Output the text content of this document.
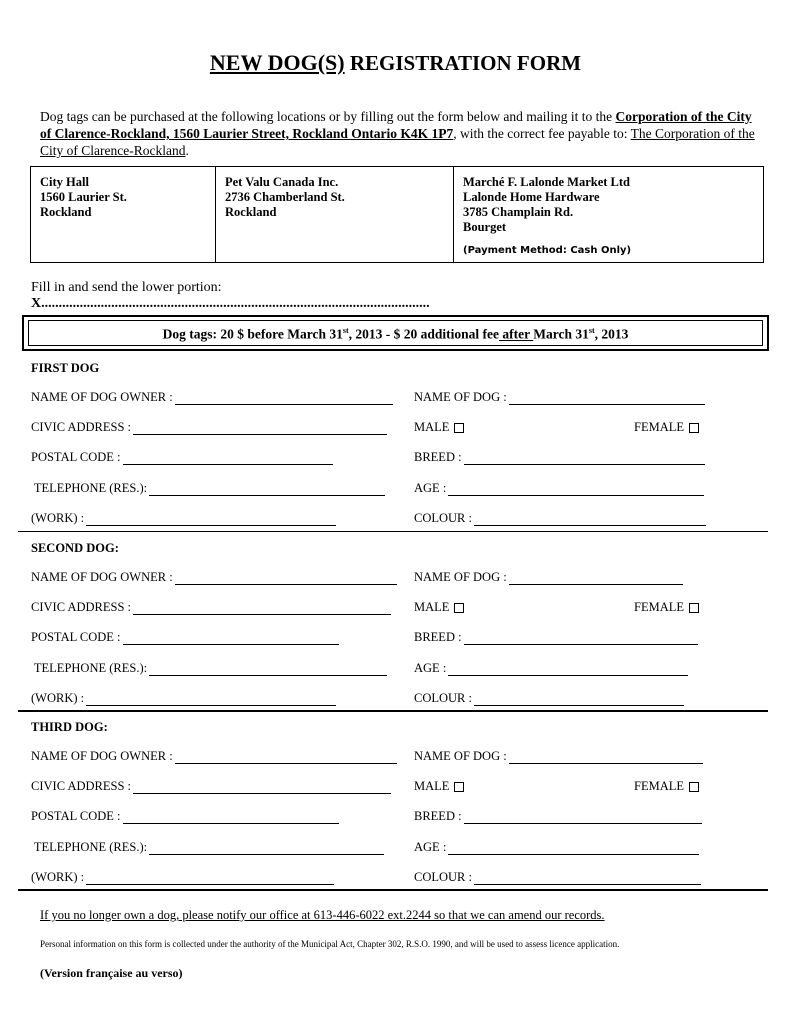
NEW DOG(S) REGISTRATION FORM
Dog tags can be purchased at the following locations or by filling out the form below and mailing it to the Corporation of the City of Clarence-Rockland, 1560 Laurier Street, Rockland Ontario K4K 1P7, with the correct fee payable to: The Corporation of the City of Clarence-Rockland.
City Hall
1560 Laurier St.
Rockland
Pet Valu Canada Inc.
2736 Chamberland St.
Rockland
Marché F. Lalonde Market Ltd
Lalonde Home Hardware
3785 Champlain Rd.
Bourget
(Payment Method: Cash Only)
Fill in and send the lower portion:
X...............................................................................................................
Dog tags: 20 $ before March 31st, 2013 - $ 20 additional fee after March 31st, 2013
FIRST DOG
NAME OF DOG OWNER :	NAME OF DOG :
CIVIC ADDRESS :	MALE	FEMALE
POSTAL CODE :	BREED :
TELEPHONE (RES.):	AGE :
(WORK) :	COLOUR :
SECOND DOG:
NAME OF DOG OWNER :	NAME OF DOG :
CIVIC ADDRESS :	MALE	FEMALE
POSTAL CODE :	BREED :
TELEPHONE (RES.):	AGE :
(WORK) :	COLOUR :
THIRD DOG:
NAME OF DOG OWNER :	NAME OF DOG :
CIVIC ADDRESS :	MALE	FEMALE
POSTAL CODE :	BREED :
TELEPHONE (RES.):	AGE :
(WORK) :	COLOUR :
If you no longer own a dog, please notify our office at 613-446-6022 ext.2244 so that we can amend our records.
Personal information on this form is collected under the authority of the Municipal Act, Chapter 302, R.S.O. 1990, and will be used to assess licence application.
(Version française au verso)
